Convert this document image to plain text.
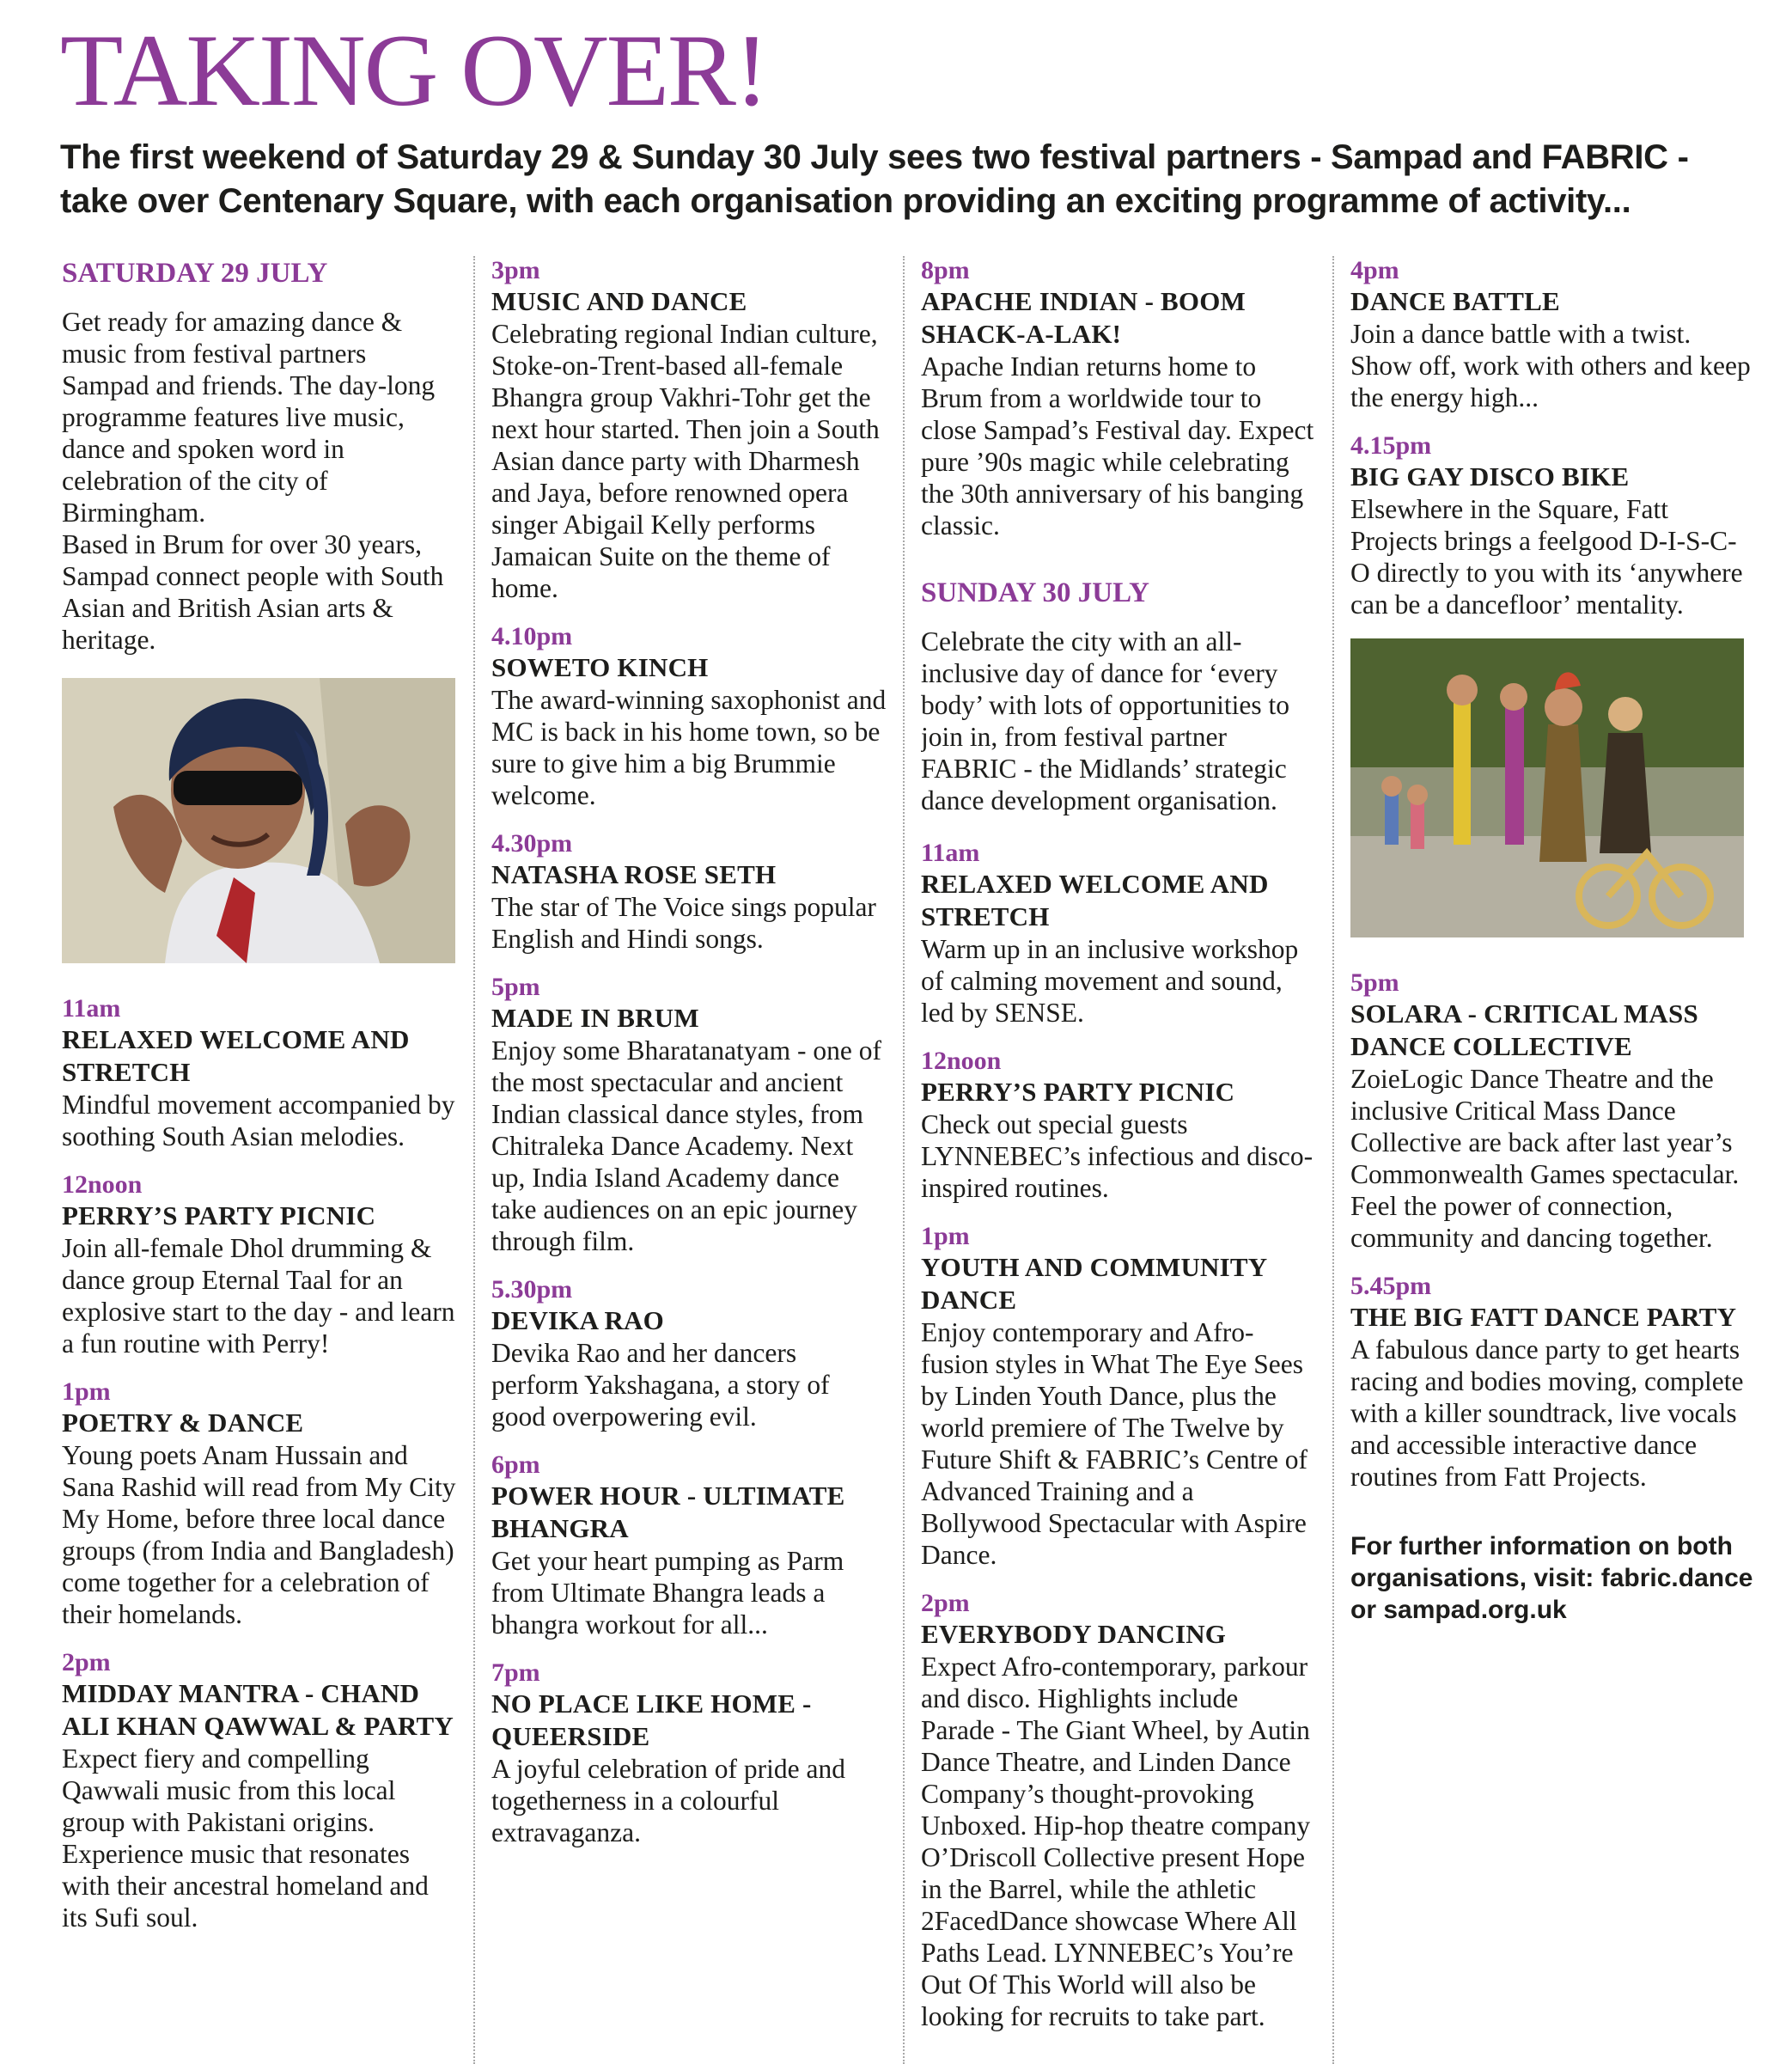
TAKING OVER!

The first weekend of Saturday 29 & Sunday 30 July sees two festival partners - Sampad and FABRIC - take over Centenary Square, with each organisation providing an exciting programme of activity...

SATURDAY 29 JULY

Get ready for amazing dance & music from festival partners Sampad and friends. The day-long programme features live music, dance and spoken word in celebration of the city of Birmingham.

Based in Brum for over 30 years, Sampad connect people with South Asian and British Asian arts & heritage.

11am
RELAXED WELCOME AND STRETCH
Mindful movement accompanied by soothing South Asian melodies.
12noon
PERRY’S PARTY PICNIC
Join all-female Dhol drumming & dance group Eternal Taal for an explosive start to the day - and learn a fun routine with Perry!
1pm
POETRY & DANCE
Young poets Anam Hussain and Sana Rashid will read from My City My Home, before three local dance groups (from India and Bangladesh) come together for a celebration of their homelands.
2pm
MIDDAY MANTRA - CHAND ALI KHAN QAWWAL & PARTY
Expect fiery and compelling Qawwali music from this local group with Pakistani origins. Experience music that resonates with their ancestral homeland and its Sufi soul.
3pm
MUSIC AND DANCE
Celebrating regional Indian culture, Stoke-on-Trent-based all-female Bhangra group Vakhri-Tohr get the next hour started. Then join a South Asian dance party with Dharmesh and Jaya, before renowned opera singer Abigail Kelly performs Jamaican Suite on the theme of home.
4.10pm
SOWETO KINCH
The award-winning saxophonist and MC is back in his home town, so be sure to give him a big Brummie welcome.
4.30pm
NATASHA ROSE SETH
The star of The Voice sings popular English and Hindi songs.
5pm
MADE IN BRUM
Enjoy some Bharatanatyam - one of the most spectacular and ancient Indian classical dance styles, from Chitraleka Dance Academy. Next up, India Island Academy dance take audiences on an epic journey through film.
5.30pm
DEVIKA RAO
Devika Rao and her dancers perform Yakshagana, a story of good overpowering evil.
6pm
POWER HOUR - ULTIMATE BHANGRA
Get your heart pumping as Parm from Ultimate Bhangra leads a bhangra workout for all...
7pm
NO PLACE LIKE HOME - QUEERSIDE
A joyful celebration of pride and togetherness in a colourful extravaganza.
8pm
APACHE INDIAN - BOOM SHACK-A-LAK!
Apache Indian returns home to Brum from a worldwide tour to close Sampad’s Festival day. Expect pure ’90s magic while celebrating the 30th anniversary of his banging classic.
SUNDAY 30 JULY
Celebrate the city with an all-inclusive day of dance for ‘every body’ with lots of opportunities to join in, from festival partner FABRIC - the Midlands’ strategic dance development organisation.
11am
RELAXED WELCOME AND STRETCH
Warm up in an inclusive workshop of calming movement and sound, led by SENSE.
12noon
PERRY’S PARTY PICNIC
Check out special guests LYNNEBEC’s infectious and disco-inspired routines.
1pm
YOUTH AND COMMUNITY DANCE
Enjoy contemporary and Afro-fusion styles in What The Eye Sees by Linden Youth Dance, plus the world premiere of The Twelve by Future Shift & FABRIC’s Centre of Advanced Training and a Bollywood Spectacular with Aspire Dance.
2pm
EVERYBODY DANCING
Expect Afro-contemporary, parkour and disco. Highlights include Parade - The Giant Wheel, by Autin Dance Theatre, and Linden Dance Company’s thought-provoking Unboxed. Hip-hop theatre company O’Driscoll Collective present Hope in the Barrel, while the athletic 2FacedDance showcase Where All Paths Lead. LYNNEBEC’s You’re Out Of This World will also be looking for recruits to take part.
4pm
DANCE BATTLE
Join a dance battle with a twist. Show off, work with others and keep the energy high...
4.15pm
BIG GAY DISCO BIKE
Elsewhere in the Square, Fatt Projects brings a feelgood D-I-S-C-O directly to you with its ‘anywhere can be a dancefloor’ mentality.
5pm
SOLARA - CRITICAL MASS DANCE COLLECTIVE
ZoieLogic Dance Theatre and the inclusive Critical Mass Dance Collective are back after last year’s Commonwealth Games spectacular. Feel the power of connection, community and dancing together.
5.45pm
THE BIG FATT DANCE PARTY
A fabulous dance party to get hearts racing and bodies moving, complete with a killer soundtrack, live vocals and accessible interactive dance routines from Fatt Projects.
For further information on both organisations, visit: fabric.dance or sampad.org.uk
